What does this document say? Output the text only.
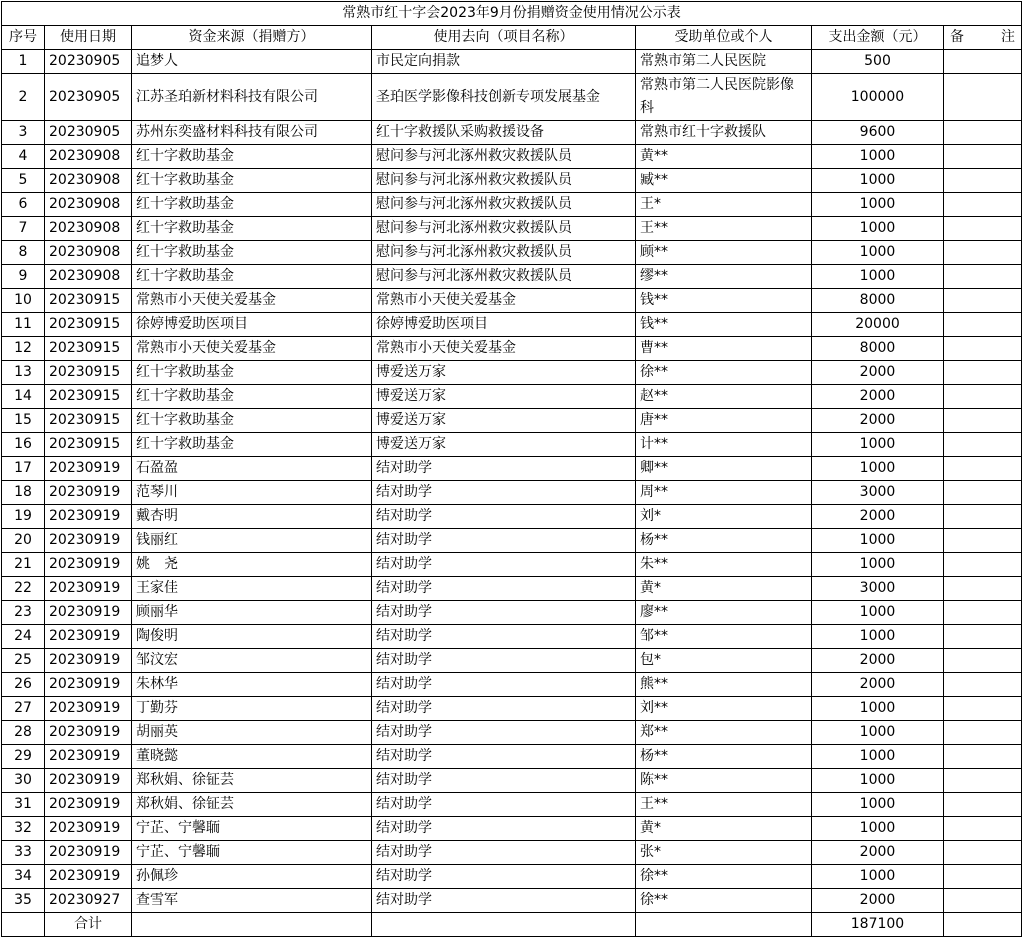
常熟市红十字会2023年9月份捐赠资金使用情况公示表						
序号	使用日期	资金来源（捐赠方）	使用去向（项目名称）	受助单位或个人	支出金额（元）	备　　注
1	20230905	追梦人	市民定向捐款	常熟市第二人民医院	500	
2	20230905	江苏圣珀新材料科技有限公司	圣珀医学影像科技创新专项发展基金	常熟市第二人民医院影像科	100000	
3	20230905	苏州东奕盛材料科技有限公司	红十字救援队采购救援设备	常熟市红十字救援队	9600	
4	20230908	红十字救助基金	慰问参与河北涿州救灾救援队员	黄**	1000	
5	20230908	红十字救助基金	慰问参与河北涿州救灾救援队员	臧**	1000	
6	20230908	红十字救助基金	慰问参与河北涿州救灾救援队员	王*	1000	
7	20230908	红十字救助基金	慰问参与河北涿州救灾救援队员	王**	1000	
8	20230908	红十字救助基金	慰问参与河北涿州救灾救援队员	顾**	1000	
9	20230908	红十字救助基金	慰问参与河北涿州救灾救援队员	缪**	1000	
10	20230915	常熟市小天使关爱基金	常熟市小天使关爱基金	钱**	8000	
11	20230915	徐婷博爱助医项目	徐婷博爱助医项目	钱**	20000	
12	20230915	常熟市小天使关爱基金	常熟市小天使关爱基金	曹**	8000	
13	20230915	红十字救助基金	博爱送万家	徐**	2000	
14	20230915	红十字救助基金	博爱送万家	赵**	2000	
15	20230915	红十字救助基金	博爱送万家	唐**	2000	
16	20230915	红十字救助基金	博爱送万家	计**	1000	
17	20230919	石盈盈	结对助学	卿**	1000	
18	20230919	范琴川	结对助学	周**	3000	
19	20230919	戴杏明	结对助学	刘*	2000	
20	20230919	钱丽红	结对助学	杨**	1000	
21	20230919	姚　尧	结对助学	朱**	1000	
22	20230919	王家佳	结对助学	黄*	3000	
23	20230919	顾丽华	结对助学	廖**	1000	
24	20230919	陶俊明	结对助学	邹**	1000	
25	20230919	邹汶宏	结对助学	包*	2000	
26	20230919	朱林华	结对助学	熊**	2000	
27	20230919	丁勤芬	结对助学	刘**	1000	
28	20230919	胡丽英	结对助学	郑**	1000	
29	20230919	董晓懿	结对助学	杨**	1000	
30	20230919	郑秋娟、徐钲芸	结对助学	陈**	1000	
31	20230919	郑秋娟、徐钲芸	结对助学	王**	1000	
32	20230919	宁芷、宁馨聏	结对助学	黄*	1000	
33	20230919	宁芷、宁馨聏	结对助学	张*	2000	
34	20230919	孙佩珍	结对助学	徐**	1000	
35	20230927	查雪军	结对助学	徐**	2000	
	合计				187100	
